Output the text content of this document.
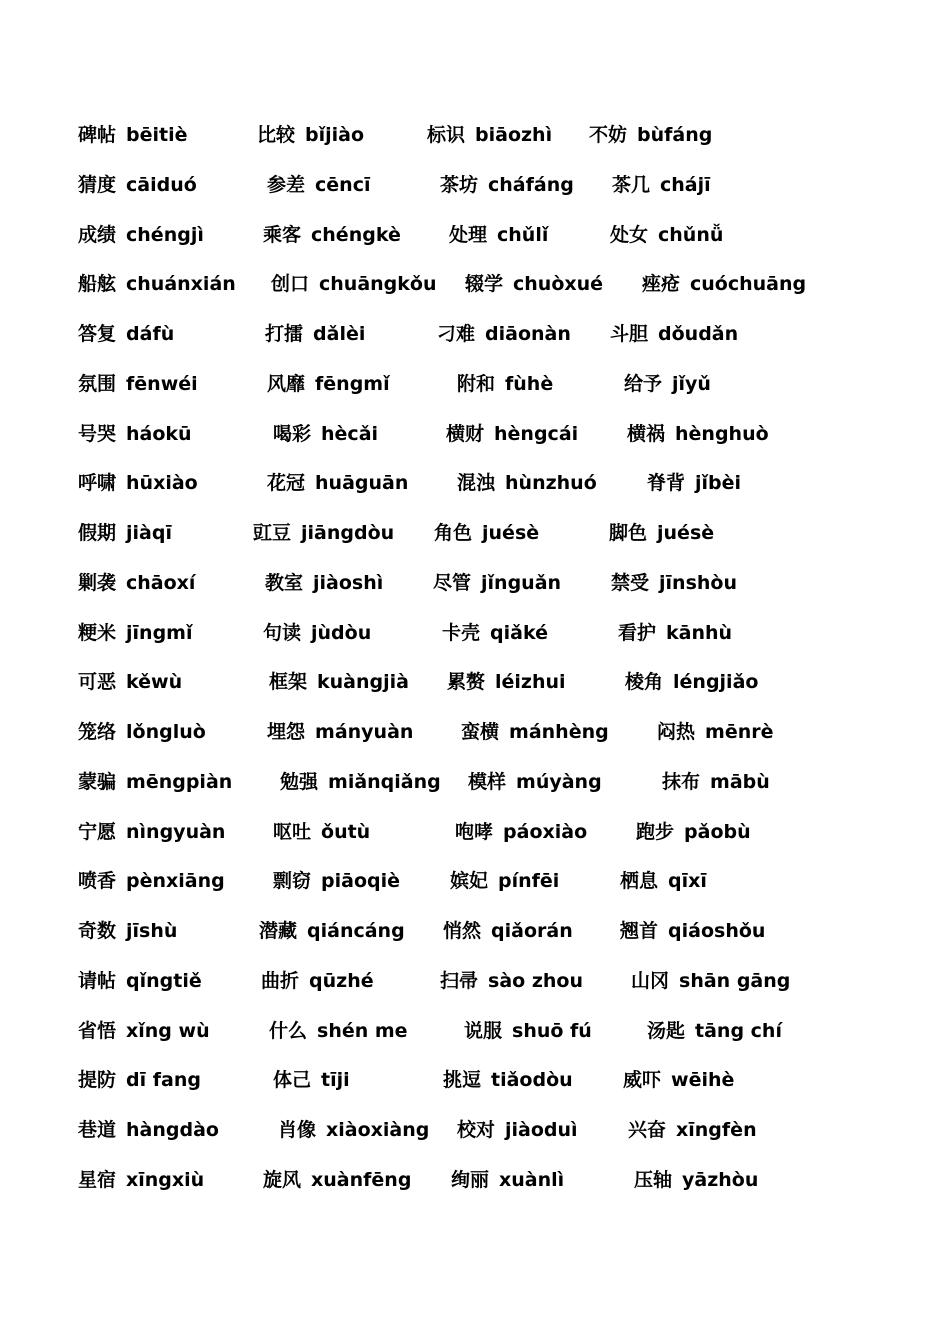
碑帖 bēitiè	比较 bǐjiào	标识 biāozhì 不妨 bùfáng
猜度 cāiduó	参差 cēncī	茶坊 cháfáng 茶几 chájī
成绩 chéngjì	乘客 chéngkè	处理 chǔlǐ	处女 chǔnǚ
船舷 chuánxián 创口 chuāngkǒu 辍学 chuòxué 痤疮 cuóchuāng
答复 dáfù	打擂 dǎlèi	刁难 diāonàn 斗胆 dǒudǎn
氛围 fēnwéi	风靡 fēngmǐ	附和 fùhè	给予 jǐyǔ
号哭 háokū	喝彩 hècǎi	横财 hèngcái	横祸 hènghuò
呼啸 hūxiào	花冠 huāguān	混浊 hùnzhuó	脊背 jǐbèi
假期 jiàqī	豇豆 jiāngdòu 角色 juésè	脚色 juésè
剿袭 chāoxí	教室 jiàoshì	尽管 jǐnguǎn	禁受 jīnshòu
粳米 jīngmǐ	句读 jùdòu	卡壳 qiǎké	看护 kānhù
可恶 kěwù	框架 kuàngjià 累赘 léizhui	棱角 léngjiǎo
笼络 lǒngluò	埋怨 mányuàn	蛮横 mánhèng	闷热 mēnrè
蒙骗 mēngpiàn	勉强 miǎnqiǎng 模样 múyàng	抹布 mābù
宁愿 nìngyuàn	呕吐 ǒutù	咆哮 páoxiào	跑步 pǎobù
喷香 pènxiāng	剽窃 piāoqiè	嫔妃 pínfēi	栖息 qīxī
奇数 jīshù	潜藏 qiáncáng 悄然 qiǎorán 翘首 qiáoshǒu
请帖 qǐngtiě	曲折 qūzhé	扫帚 sào zhou	山冈 shān gāng
省悟 xǐng wù	什么 shén me	说服 shuō fú	汤匙 tāng chí
提防 dī fang	体己 tīji	挑逗 tiǎodòu	威吓 wēihè
巷道 hàngdào	肖像 xiàoxiàng 校对 jiàoduì	兴奋 xīngfèn
星宿 xīngxiù	旋风 xuànfēng 绚丽 xuànlì	压轴 yāzhòu
